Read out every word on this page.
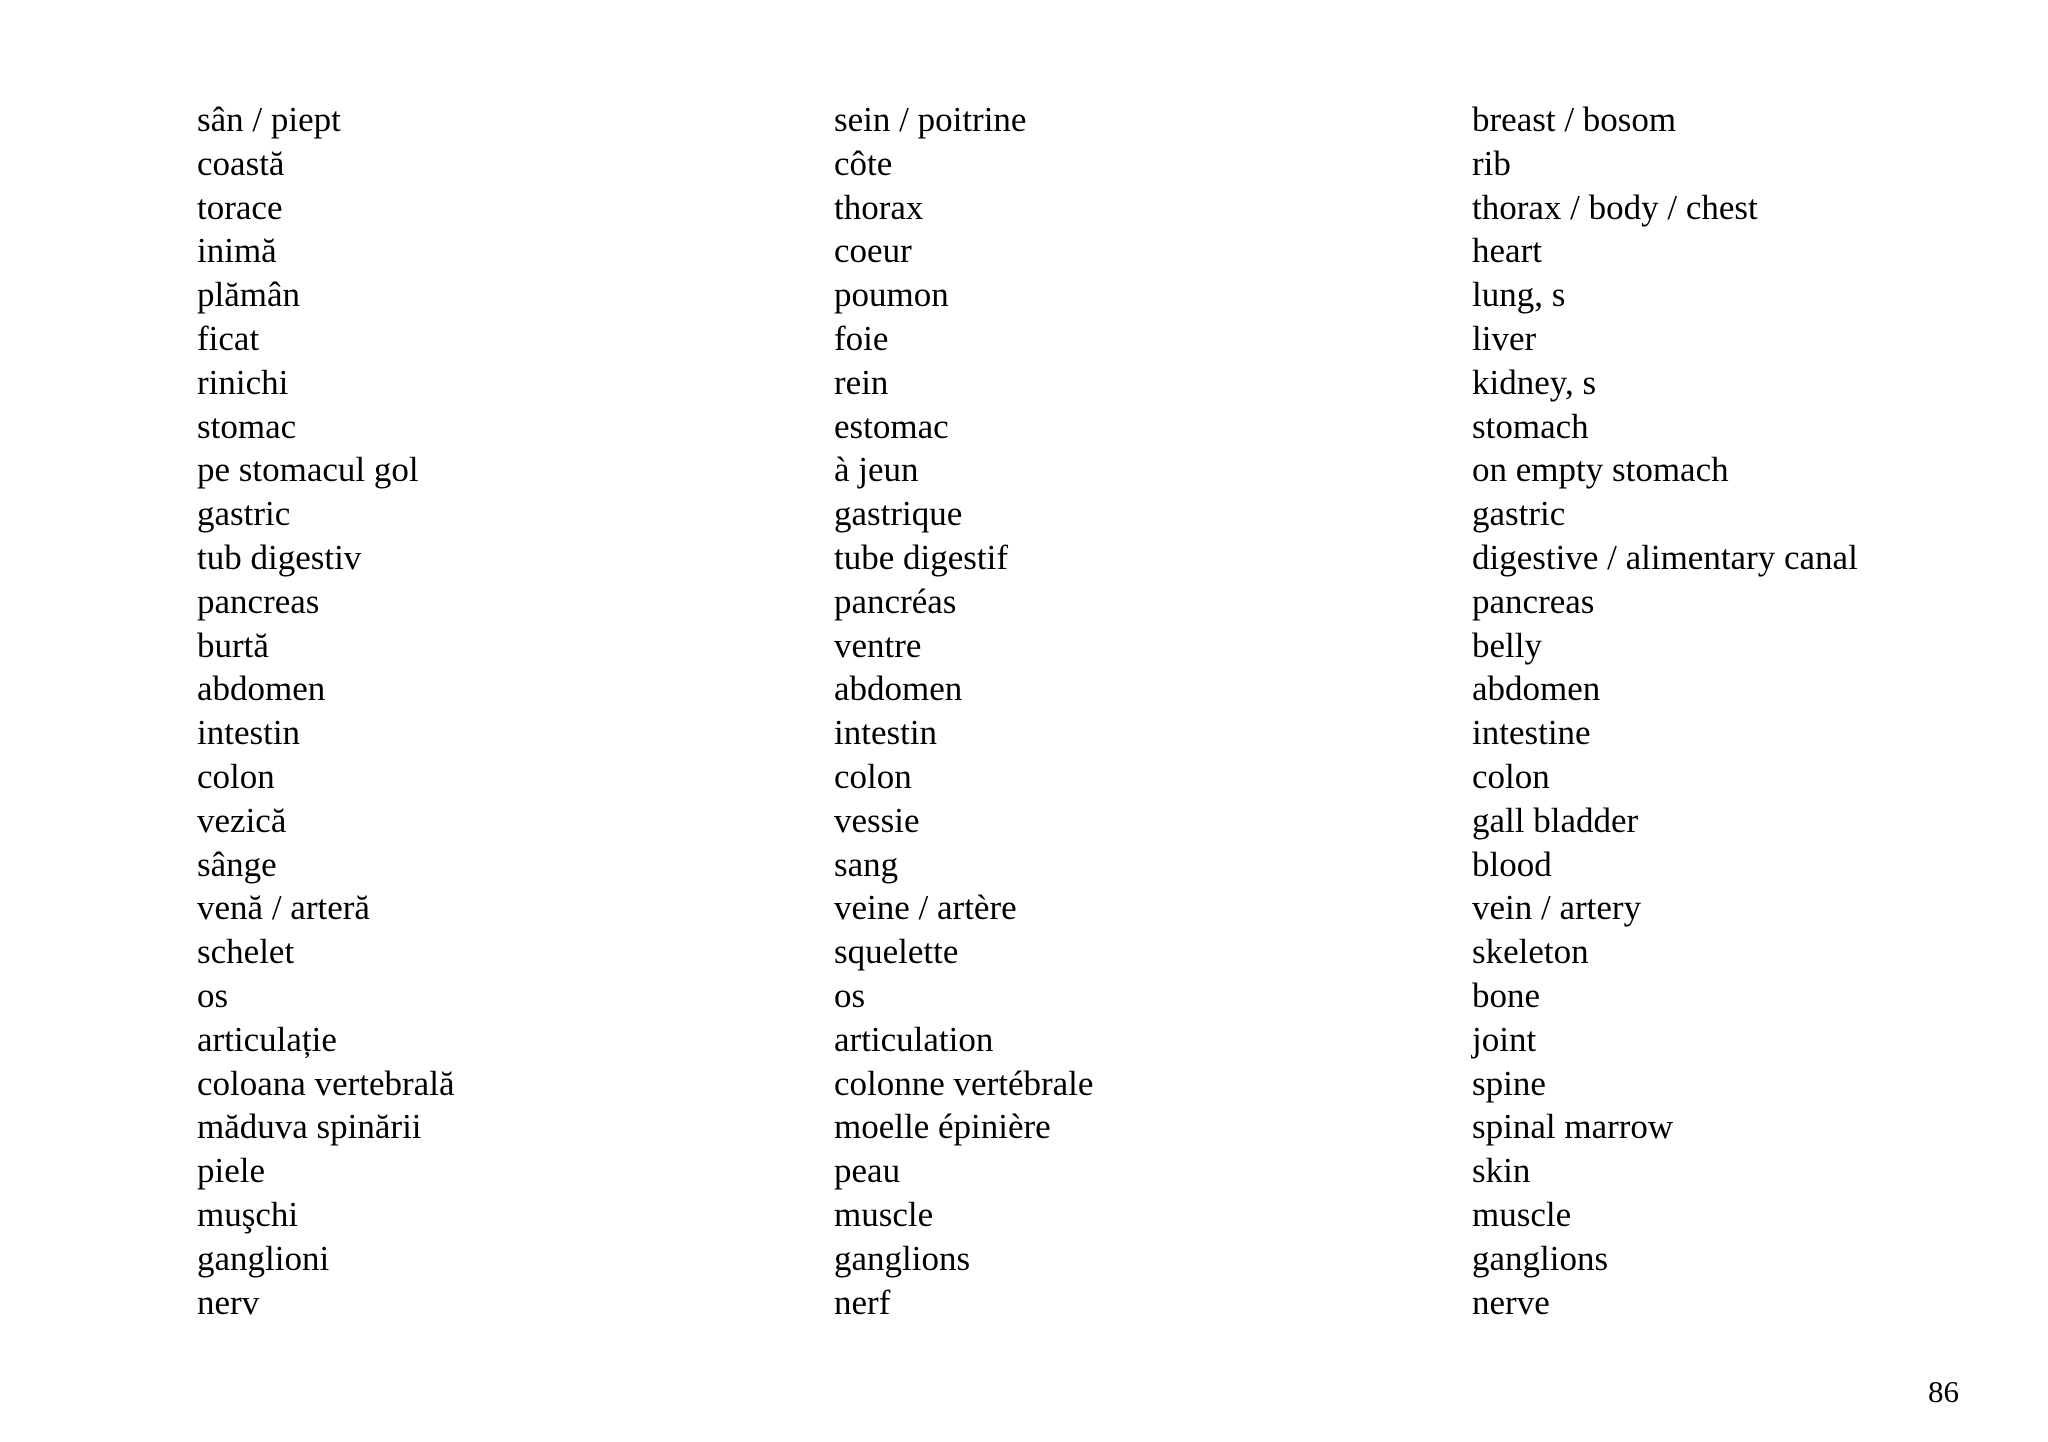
sân / piept
coastă
torace
inimă
plămân
ficat
rinichi
stomac
pe stomacul gol
gastric
tub digestiv
pancreas
burtă
abdomen
intestin
colon
vezică
sânge
venă / arteră
schelet
os
articulație
coloana vertebrală
măduva spinării
piele
muşchi
ganglioni
nerv
sein / poitrine
côte
thorax
coeur
poumon
foie
rein
estomac
à jeun
gastrique
tube digestif
pancréas
ventre
abdomen
intestin
colon
vessie
sang
veine / artère
squelette
os
articulation
colonne vertébrale
moelle épinière
peau
muscle
ganglions
nerf
breast / bosom
rib
thorax / body / chest
heart
lung, s
liver
kidney, s
stomach
on empty stomach
gastric
digestive / alimentary canal
pancreas
belly
abdomen
intestine
colon
gall bladder
blood
vein / artery
skeleton
bone
joint
spine
spinal marrow
skin
muscle
ganglions
nerve
86
